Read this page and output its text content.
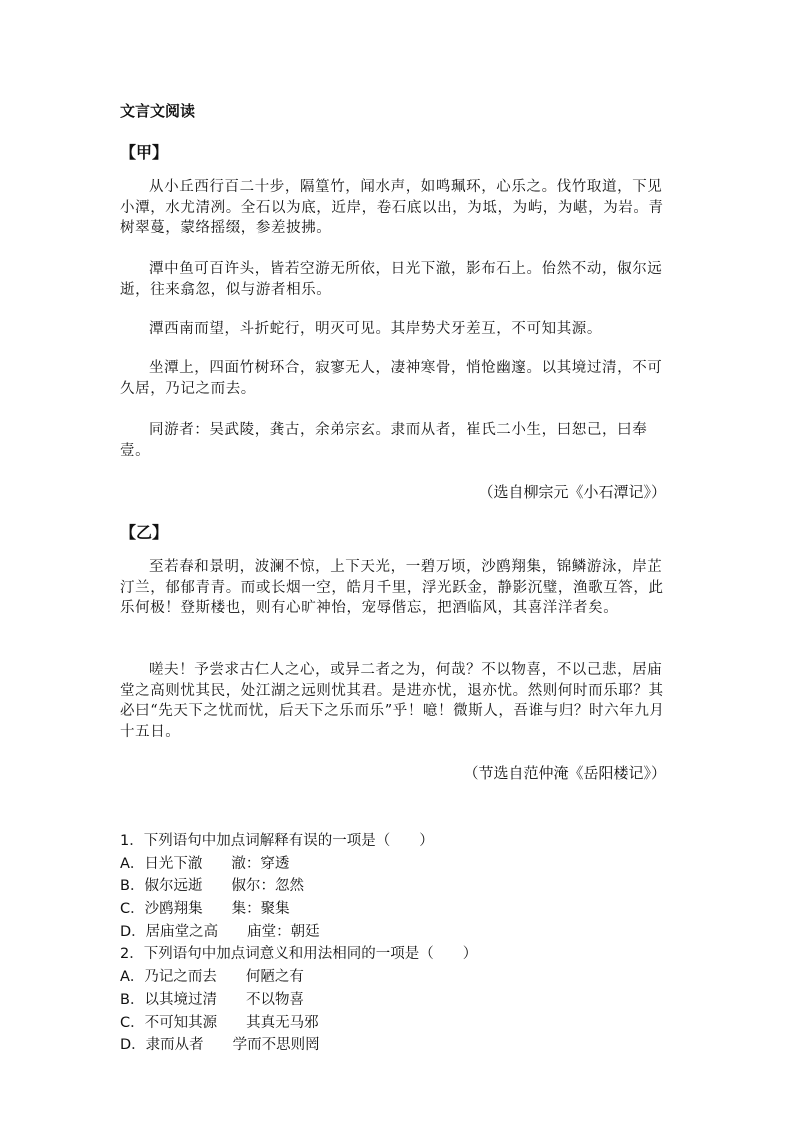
文言文阅读
【甲】
从小丘西行百二十步，隔篁竹，闻水声，如鸣珮环，心乐之。伐竹取道，下见小潭，水尤清冽。全石以为底，近岸，卷石底以出，为坻，为屿，为嵁，为岩。青树翠蔓，蒙络摇缀，参差披拂。
潭中鱼可百许头，皆若空游无所依，日光下澈，影布石上。佁然不动，俶尔远逝，往来翕忽，似与游者相乐。
潭西南而望，斗折蛇行，明灭可见。其岸势犬牙差互，不可知其源。
坐潭上，四面竹树环合，寂寥无人，凄神寒骨，悄怆幽邃。以其境过清，不可久居，乃记之而去。
同游者：吴武陵，龚古，余弟宗玄。隶而从者，崔氏二小生，曰恕己，曰奉壹。
（选自柳宗元《小石潭记》）
【乙】
至若春和景明，波澜不惊，上下天光，一碧万顷，沙鸥翔集，锦鳞游泳，岸芷汀兰，郁郁青青。而或长烟一空，皓月千里，浮光跃金，静影沉璧，渔歌互答，此乐何极！登斯楼也，则有心旷神怡，宠辱偕忘，把酒临风，其喜洋洋者矣。
嗟夫！予尝求古仁人之心，或异二者之为，何哉？不以物喜，不以己悲，居庙堂之高则忧其民，处江湖之远则忧其君。是进亦忧，退亦忧。然则何时而乐耶？其必曰“先天下之忧而忧，后天下之乐而乐”乎！噫！微斯人，吾谁与归？时六年九月十五日。
（节选自范仲淹《岳阳楼记》）
1．下列语句中加点词解释有误的一项是（　　）
A．日光下澈　　澈：穿透
B．俶尔远逝　　俶尔：忽然
C．沙鸥翔集　　集：聚集
D．居庙堂之高　　庙堂：朝廷
2．下列语句中加点词意义和用法相同的一项是（　　）
A．乃记之而去　　何陋之有
B．以其境过清　　不以物喜
C．不可知其源　　其真无马邪
D．隶而从者　　学而不思则罔
